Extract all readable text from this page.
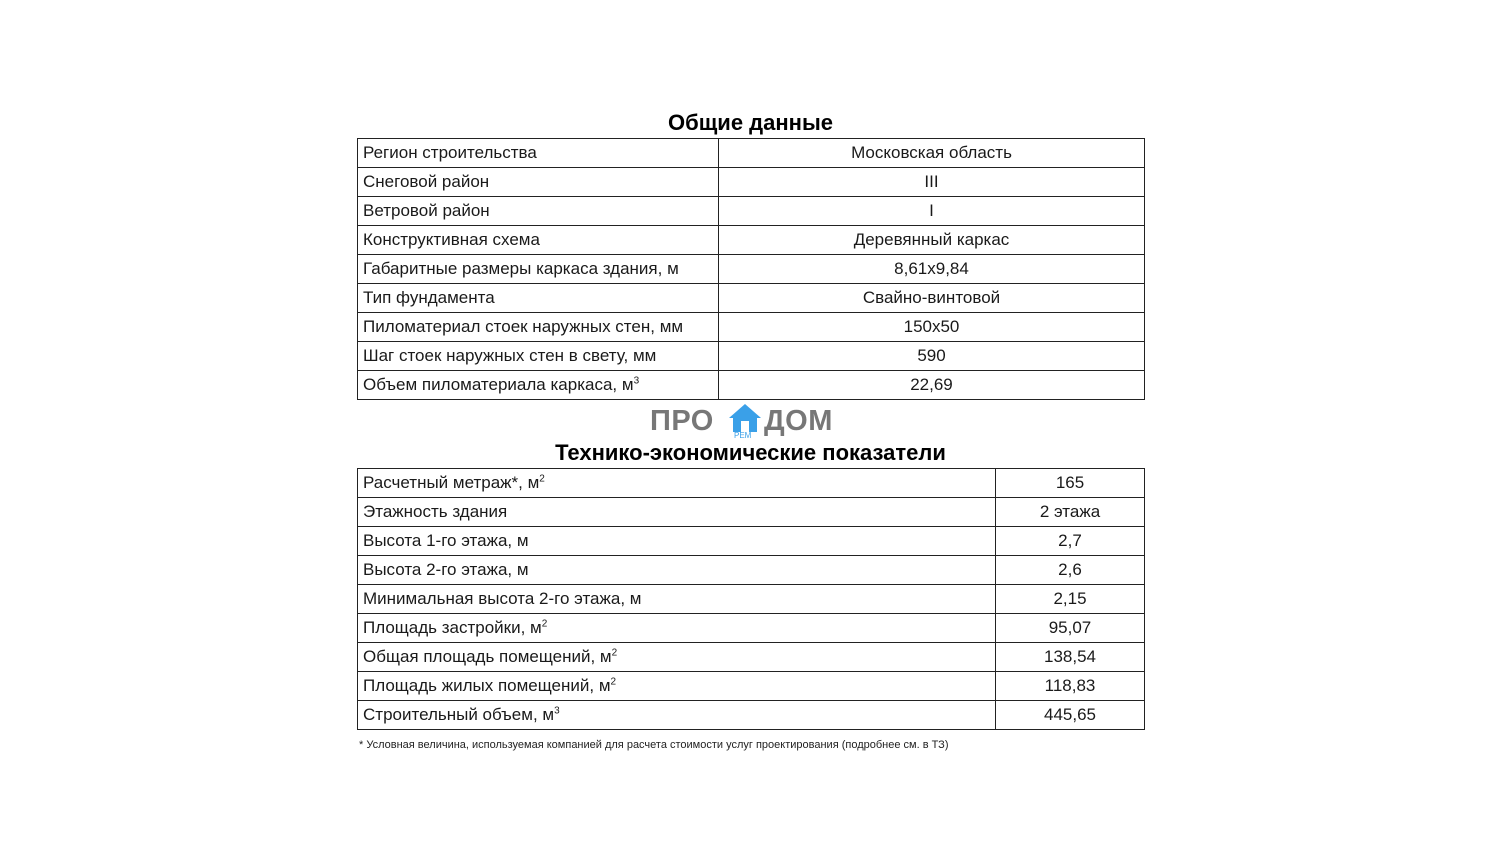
Общие данные
Регион строительства	Московская область
Снеговой район	III
Ветровой район	I
Конструктивная схема	Деревянный каркас
Габаритные размеры каркаса здания, м	8,61x9,84
Тип фундамента	Свайно-винтовой
Пиломатериал стоек наружных стен, мм	150x50
Шаг стоек наружных стен в свету, мм	590
Объем пиломатериала каркаса, $м^3$	22,69
ПРО	РЕМ ДОМ
Технико-экономические показатели
Расчетный метраж*, $м^2$	165
Этажность здания	2 этажа
Высота 1-го этажа, м	2,7
Высота 2-го этажа, м	2,6
Минимальная высота 2-го этажа, м	2,15
Площадь застройки, $м^2$	95,07
Общая площадь помещений, $м^2$	138,54
Площадь жилых помещений, $м^2$	118,83
Строительный объем, $м^3$	445,65
* Условная величина, используемая компанией для расчета стоимости услуг проектирования (подробнее см. в ТЗ)
